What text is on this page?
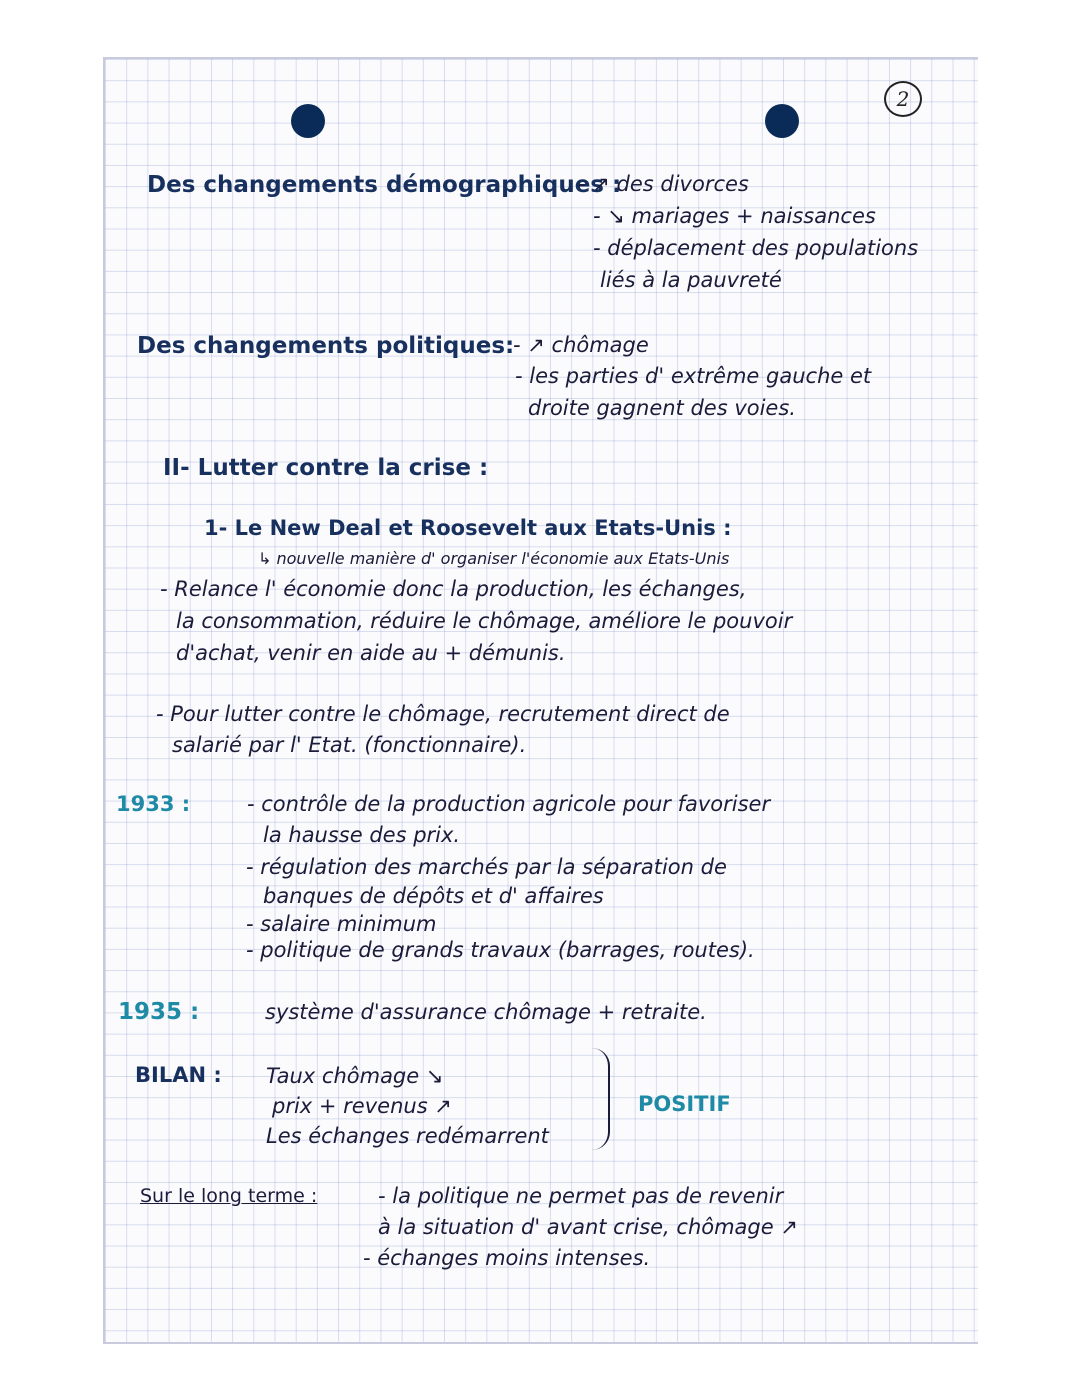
2
Des changements démographiques :
- ↗ des divorces
- ↘ mariages + naissances
- déplacement des populations
liés à la pauvreté
Des changements politiques:
- ↗ chômage
- les parties d' extrême gauche et
droite gagnent des voies.
II- Lutter contre la crise :
1- Le New Deal et Roosevelt aux Etats-Unis :
↳ nouvelle manière d' organiser l'économie aux Etats-Unis
- Relance l' économie donc la production, les échanges,
la consommation, réduire le chômage, améliore le pouvoir
d'achat, venir en aide au + démunis.
- Pour lutter contre le chômage, recrutement direct de
salarié par l' Etat. (fonctionnaire).
1933 :	- contrôle de la production agricole pour favoriser
la hausse des prix.
- régulation des marchés par la séparation de
banques de dépôts et d' affaires
- salaire minimum
- politique de grands travaux (barrages, routes).
1935 :	système d'assurance chômage + retraite.
BILAN : Taux chômage ↘
prix + revenus ↗
Les échanges redémarrent
POSITIF
Sur le long terme :	- la politique ne permet pas de revenir
à la situation d' avant crise, chômage ↗
- échanges moins intenses.
